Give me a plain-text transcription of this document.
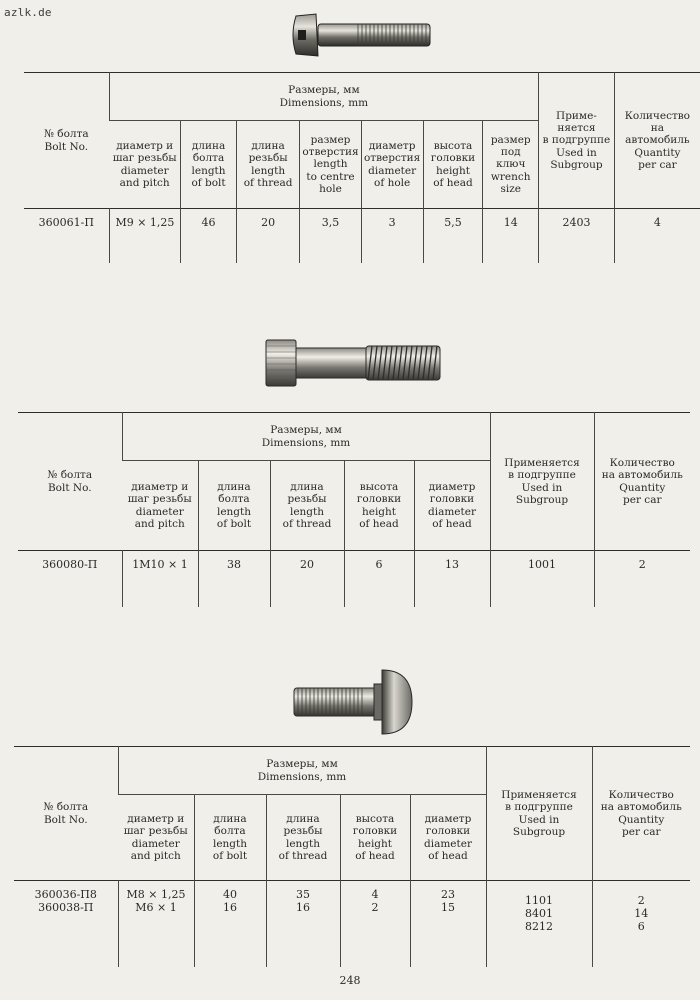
azlk.de
№ болта
Bolt No.	Размеры, мм
Dimensions, mm							Приме-
няется
в подгруппе
Used in
Subgroup	Количество
на
автомобиль
Quantity
per car

	диаметр и
шаг резьбы
diameter
and pitch	длина
болта
length
of bolt	длина
резьбы
length
of thread	размер
отверстия
length
to centre
hole	диаметр
отверстия
diameter
of hole	высота
головки
height
of head	размер
под ключ
wrench
size		

360061-П	М9 × 1,25	46	20	3,5	3	5,5	14	2403	4
№ болта
Bolt No.	Размеры, мм
Dimensions, mm					Применяется
в подгруппе
Used in
Subgroup	Количество
на автомобиль
Quantity
per car

	диаметр и
шаг резьбы
diameter
and pitch	длина
болта
length
of bolt	длина
резьбы
length
of thread	высота
головки
height
of head	диаметр
головки
diameter
of head		

360080-П	1М10 × 1	38	20	6	13	1001	2
№ болта
Bolt No.	Размеры, мм
Dimensions, mm					Применяется
в подгруппе
Used in
Subgroup	Количество
на автомобиль
Quantity
per car

	диаметр и
шаг резьбы
diameter
and pitch	длина
болта
length
of bolt	длина
резьбы
length
of thread	высота
головки
height
of head	диаметр
головки
diameter
of head		

360036-П8
360038-П	М8 × 1,25
М6 × 1	40
16	35
16	4
2	23
15	1101
8401
8212	2
14
6
248
